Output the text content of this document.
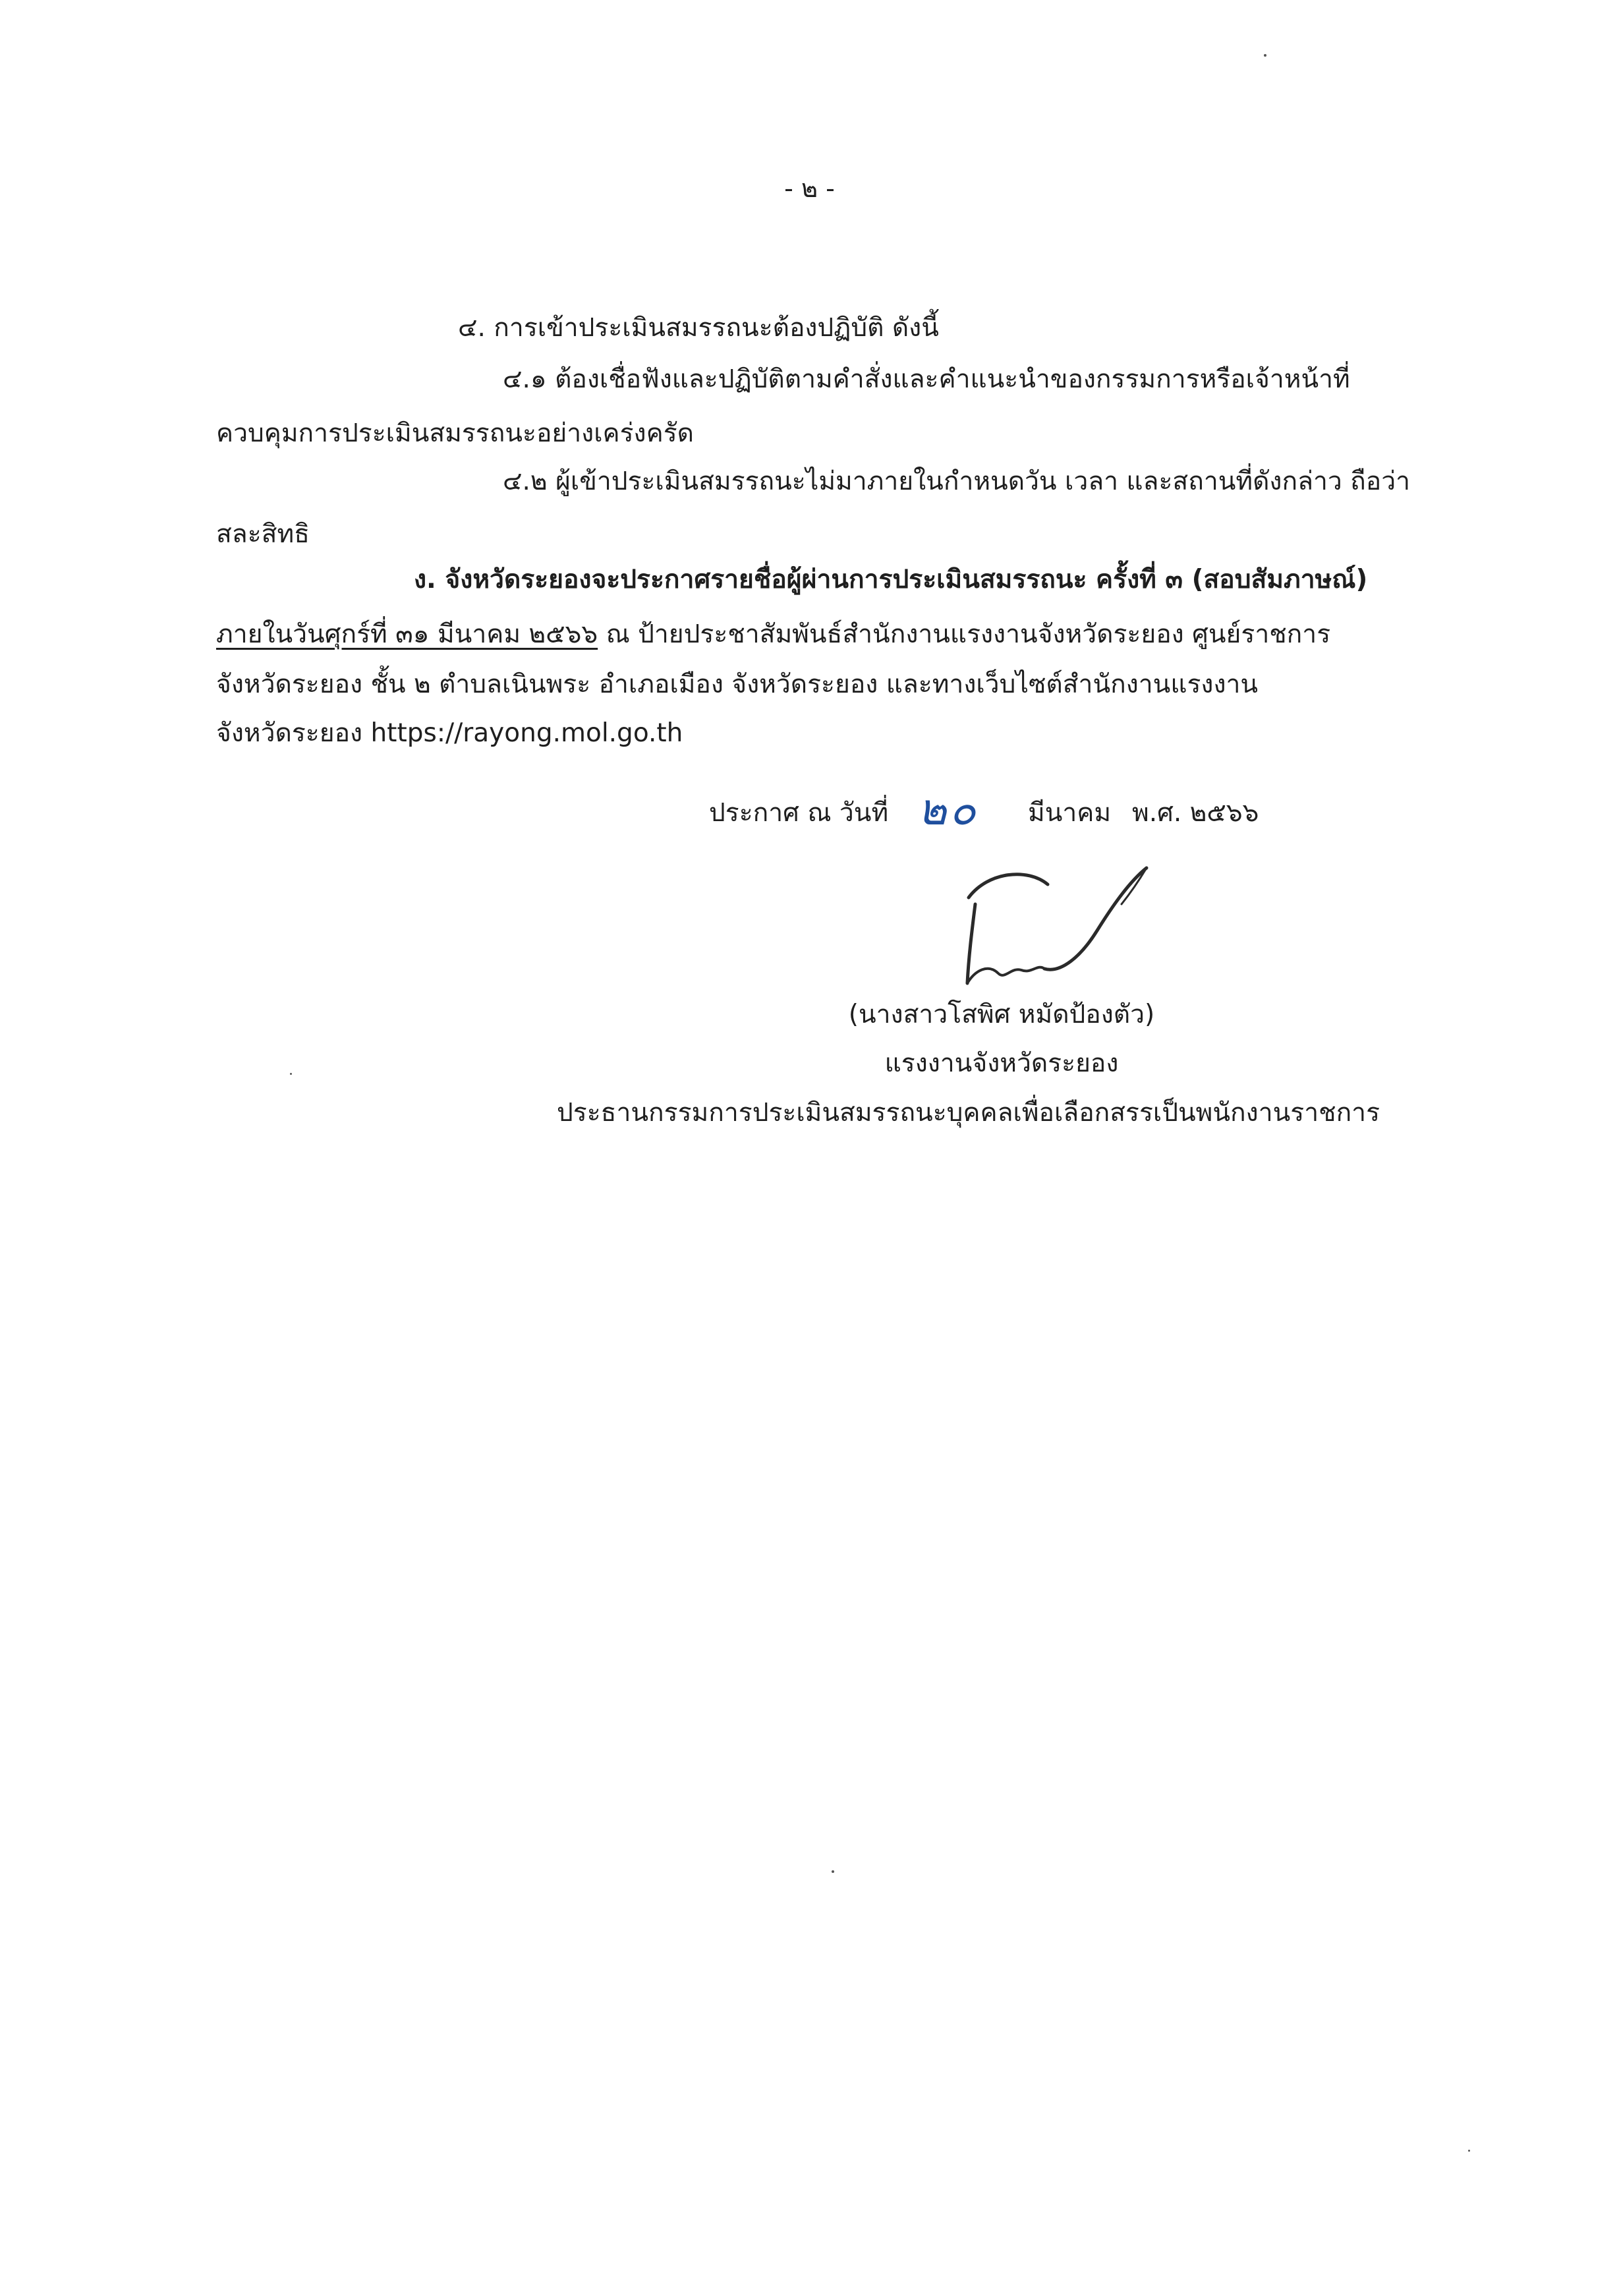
- ๒ -
๔. การเข้าประเมินสมรรถนะต้องปฏิบัติ ดังนี้
๔.๑ ต้องเชื่อฟังและปฏิบัติตามคำสั่งและคำแนะนำของกรรมการหรือเจ้าหน้าที่
ควบคุมการประเมินสมรรถนะอย่างเคร่งครัด
๔.๒ ผู้เข้าประเมินสมรรถนะไม่มาภายในกำหนดวัน เวลา และสถานที่ดังกล่าว ถือว่า
สละสิทธิ
ง. จังหวัดระยองจะประกาศรายชื่อผู้ผ่านการประเมินสมรรถนะ ครั้งที่ ๓ (สอบสัมภาษณ์)
ภายในวันศุกร์ที่ ๓๑ มีนาคม ๒๕๖๖ ณ ป้ายประชาสัมพันธ์สำนักงานแรงงานจังหวัดระยอง ศูนย์ราชการ
จังหวัดระยอง ชั้น ๒ ตำบลเนินพระ อำเภอเมือง จังหวัดระยอง และทางเว็บไซต์สำนักงานแรงงาน
จังหวัดระยอง https://rayong.mol.go.th
ประกาศ ณ วันที่ ๒๐ มีนาคม พ.ศ. ๒๕๖๖
(นางสาวโสพิศ หมัดป้องตัว)
แรงงานจังหวัดระยอง
ประธานกรรมการประเมินสมรรถนะบุคคลเพื่อเลือกสรรเป็นพนักงานราชการ
